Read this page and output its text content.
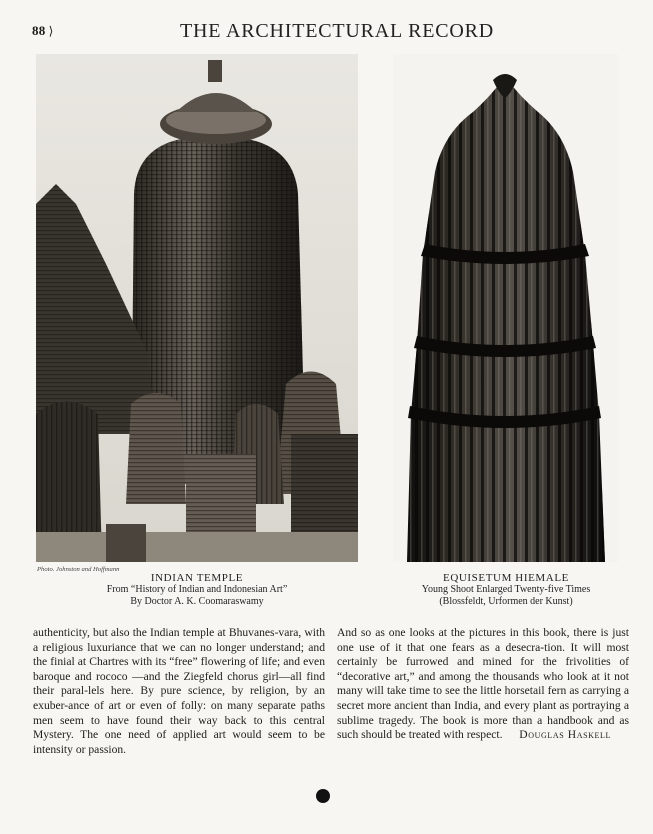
88 ⟩	THE ARCHITECTURAL RECORD
Photo. Johnston and Hoffmann
INDIAN TEMPLE
From “History of Indian and Indonesian Art”
By Doctor A. K. Coomaraswamy
EQUISETUM HIEMALE
Young Shoot Enlarged Twenty-five Times
(Blossfeldt, Urformen der Kunst)
authenticity, but also the Indian temple at Bhuvanes-vara, with a religious luxuriance that we can no longer understand; and the finial at Chartres with its “free” flowering of life; and even baroque and rococo —and the Ziegfeld chorus girl—all find their paral-lels here. By pure science, by religion, by an exuber-ance of art or even of folly: on many separate paths men seem to have found their way back to this central Mystery. The one need of applied art would seem to be intensity or passion.
And so as one looks at the pictures in this book, there is just one use of it that one fears as a desecra-tion. It will most certainly be furrowed and mined for the frivolities of “decorative art,” and among the thousands who look at it not many will take time to see the little horsetail fern as carrying a secret more ancient than India, and every plant as portraying a sublime tragedy. The book is more than a handbook and as such should be treated with respect. Douglas Haskell
